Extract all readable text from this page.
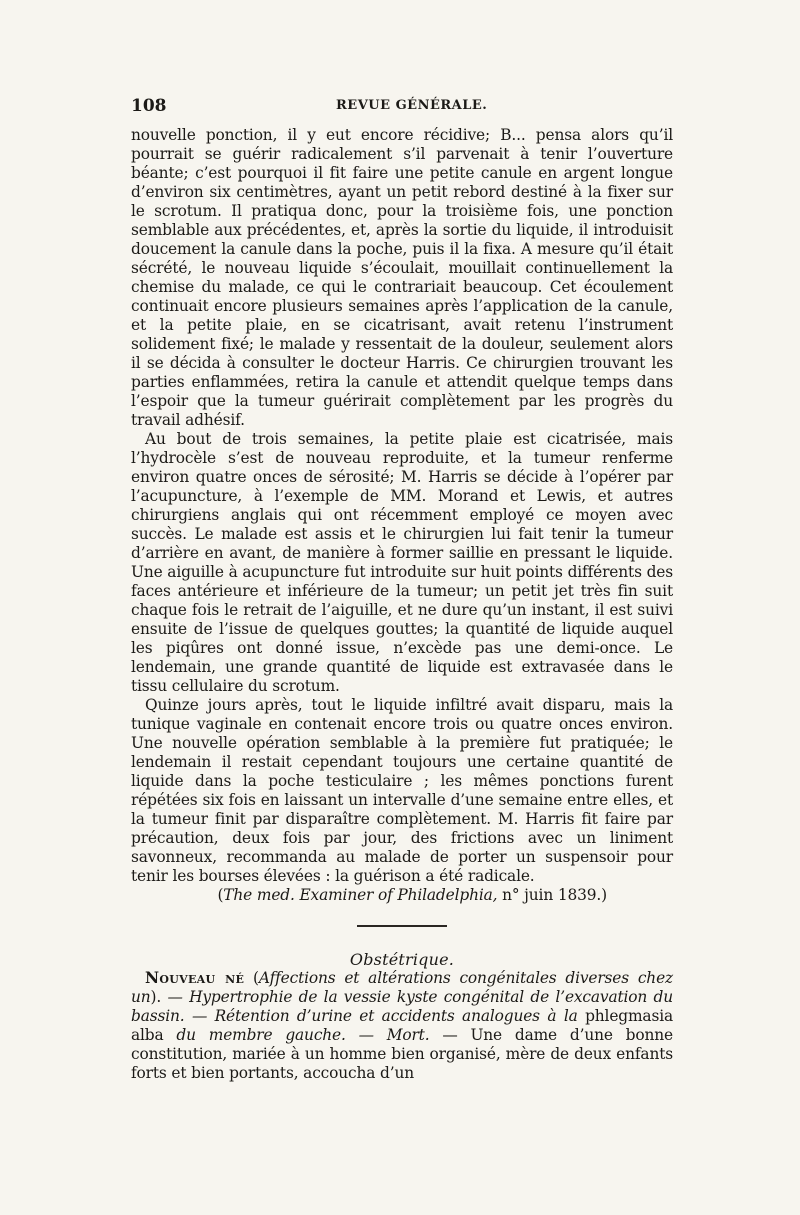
108	REVUE GÉNÉRALE.

nouvelle ponction, il y eut encore récidive; B... pensa alors qu’il pourrait se guérir radicalement s’il parvenait à tenir l’ouverture béante; c’est pourquoi il fit faire une petite canule en argent longue d’environ six centimètres, ayant un petit rebord destiné à la fixer sur le scrotum. Il pratiqua donc, pour la troisième fois, une ponction semblable aux précédentes, et, après la sortie du liquide, il introduisit doucement la canule dans la poche, puis il la fixa. A mesure qu’il était sécrété, le nouveau liquide s’écoulait, mouillait continuellement la chemise du malade, ce qui le contrariait beaucoup. Cet écoulement continuait encore plusieurs semaines après l’application de la canule, et la petite plaie, en se cicatrisant, avait retenu l’instrument solidement fixé; le malade y ressentait de la douleur, seulement alors il se décida à consulter le docteur Harris. Ce chirurgien trouvant les parties enflammées, retira la canule et attendit quelque temps dans l’espoir que la tumeur guérirait complètement par les progrès du travail adhésif.

Au bout de trois semaines, la petite plaie est cicatrisée, mais l’hydrocèle s’est de nouveau reproduite, et la tumeur renferme environ quatre onces de sérosité; M. Harris se décide à l’opérer par l’acupuncture, à l’exemple de MM. Morand et Lewis, et autres chirurgiens anglais qui ont récemment employé ce moyen avec succès. Le malade est assis et le chirurgien lui fait tenir la tumeur d’arrière en avant, de manière à former saillie en pressant le liquide. Une aiguille à acupuncture fut introduite sur huit points différents des faces antérieure et inférieure de la tumeur; un petit jet très fin suit chaque fois le retrait de l’aiguille, et ne dure qu’un instant, il est suivi ensuite de l’issue de quelques gouttes; la quantité de liquide auquel les piqûres ont donné issue, n’excède pas une demi-once. Le lendemain, une grande quantité de liquide est extravasée dans le tissu cellulaire du scrotum.

Quinze jours après, tout le liquide infiltré avait disparu, mais la tunique vaginale en contenait encore trois ou quatre onces environ. Une nouvelle opération semblable à la première fut pratiquée; le lendemain il restait cependant toujours une certaine quantité de liquide dans la poche testiculaire ; les mêmes ponctions furent répétées six fois en laissant un intervalle d’une semaine entre elles, et la tumeur finit par disparaître complètement. M. Harris fit faire par précaution, deux fois par jour, des frictions avec un liniment savonneux, recommanda au malade de porter un suspensoir pour tenir les bourses élevées : la guérison a été radicale.

(The med. Examiner of Philadelphia, n° juin 1839.)

Obstétrique.

Nouveau né (Affections et altérations congénitales diverses chez un). — Hypertrophie de la vessie kyste congénital de l’excavation du bassin. — Rétention d’urine et accidents analogues à la phlegmasia alba du membre gauche. — Mort. — Une dame d’une bonne constitution, mariée à un homme bien organisé, mère de deux enfants forts et bien portants, accoucha d’un
